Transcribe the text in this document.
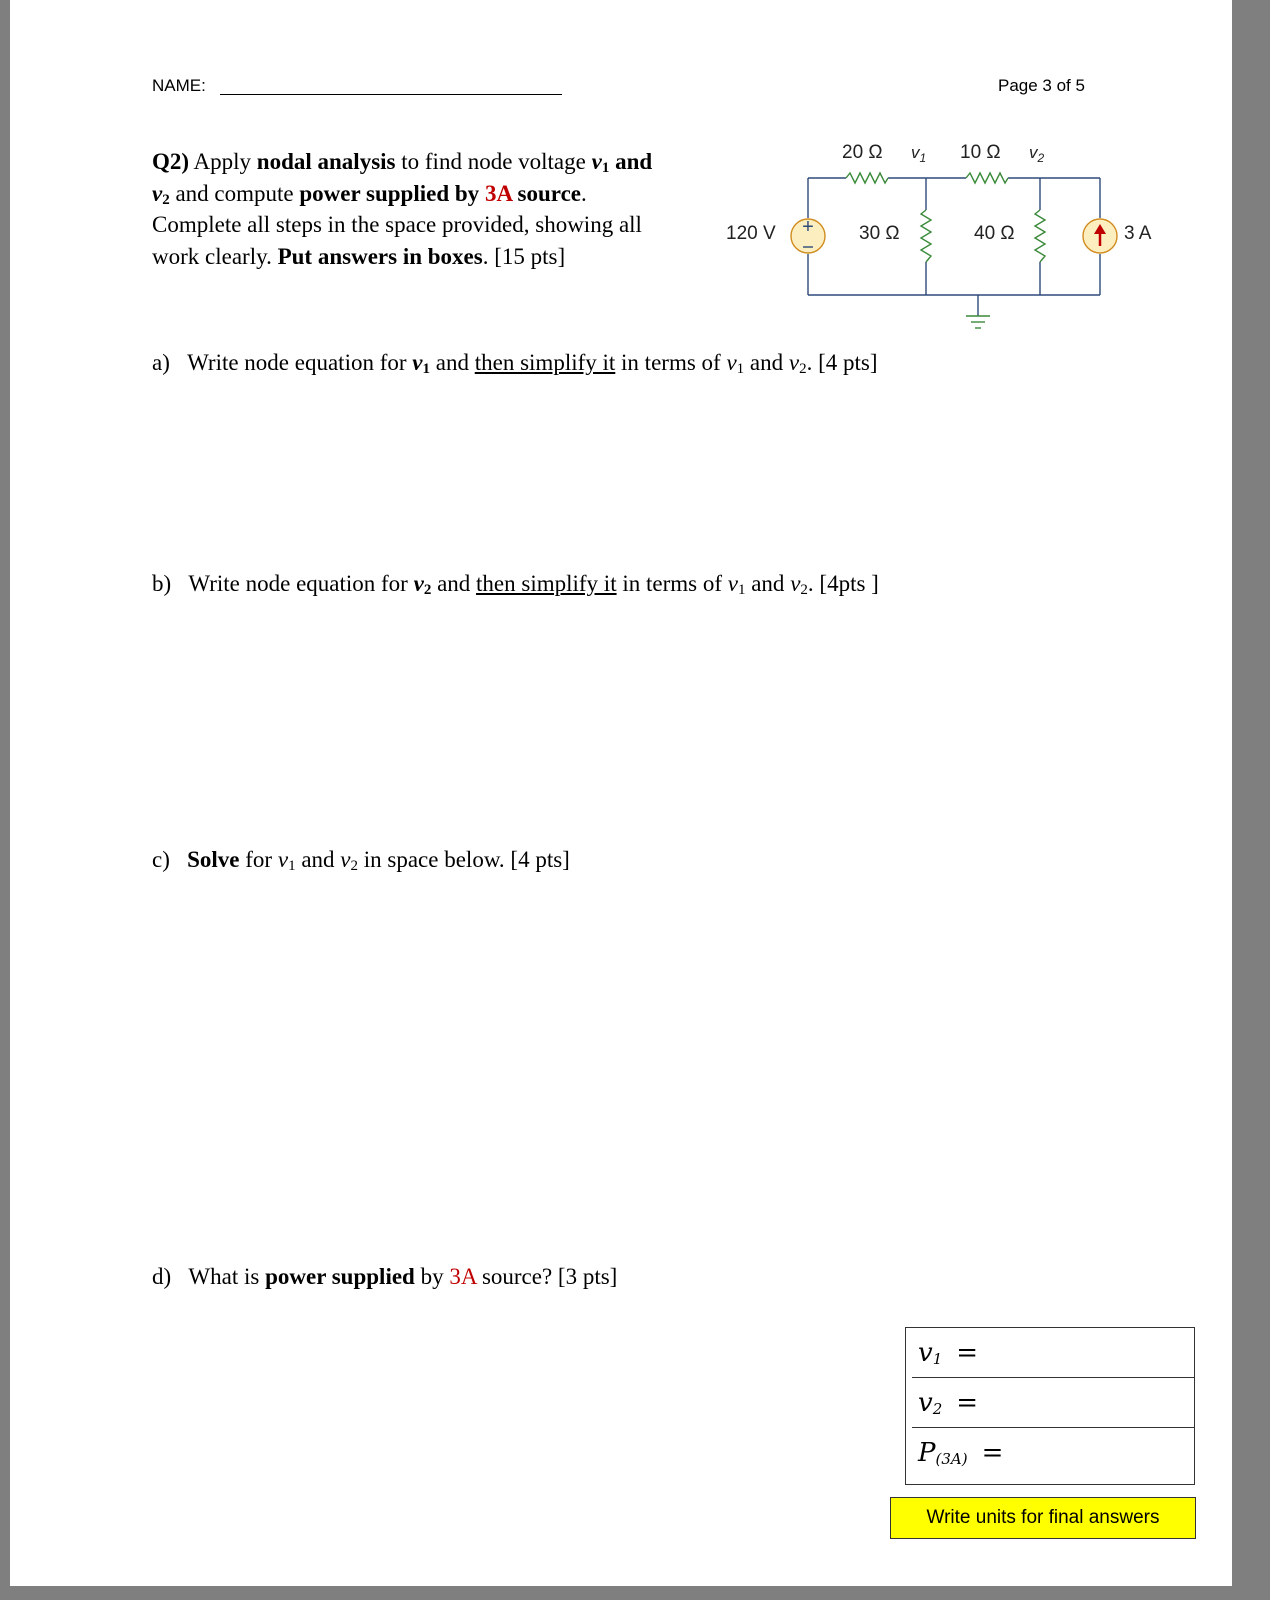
NAME:	Page 3 of 5
Q2) Apply nodal analysis to find node voltage $v_1$ and
$v_2$ and compute power supplied by 3A source.
Complete all steps in the space provided, showing all
work clearly. Put answers in boxes. [15 pts]
+
20 Ω $v_1$ 10 Ω $v_2$
120 V	30 Ω	40 Ω	3 A
a) Write node equation for $v_1$ and then simplify it in terms of $v_1$ and $v_2$. [4 pts]
b) Write node equation for $v_2$ and then simplify it in terms of $v_1$ and $v_2$. [4pts ]
c) Solve for $v_1$ and $v_2$ in space below. [4 pts]
d) What is power supplied by 3A source? [3 pts]
$v_1$ =
$v_2$ =
$P_{(3A)}$ =
Write units for final answers
